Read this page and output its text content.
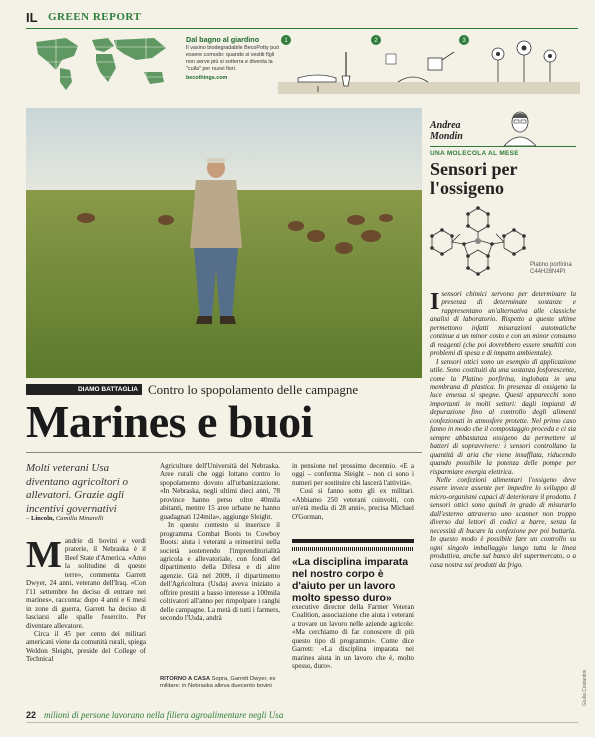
IL GREEN REPORT
Dal bagno al giardino
Il vasino biodegradabile BecoPotty può essere comodo: quando si vestiti figli non serve più si sotterra e diventa la "culla" per nuovi fiori.
becothings.com
1	2	3
Giulia Costantini
Andrea
Mondin
UNA MOLECOLA AL MESE
Sensori per l'ossigeno
Platino porfirina C44H28N4Pt

Isensori chimici servono per determinare la presenza di determinate sostanze e rappresentano un'alternativa alle classiche analisi di laboratorio. Rispetto a queste ultime permettono infatti misurazioni automatiche continue a un minor costo e con un minor consumo di reagenti (che poi dovrebbero essere smaltiti con problemi di spesa e di impatto ambientale).

I sensori ottici sono un esempio di applicazione utile. Sono costituiti da una sostanza fosforescente, come la Platino porfirina, inglobata in una membrana di plastica. In presenza di ossigeno la luce emessa si spegne. Questi apparecchi sono importanti in molti settori: dagli impianti di depurazione fino al controllo degli alimenti confezionati in atmosfere protette. Nel primo caso fanno in modo che il compostaggio proceda e ci sia sempre abbastanza ossigeno da permettere ai batteri di sopravvivere: i sensori controllano la quantità di aria che viene insufflata, riducendo quando possibile la potenza delle pompe per risparmiare energia elettrica.

Nelle confezioni alimentari l'ossigeno deve essere invece assente per impedire lo sviluppo di micro-organismi capaci di deteriorare il prodotto. I sensori ottici sono quindi in grado di misurarlo dall'esterno attraverso uno scanner non troppo diverso dai lettori di codici a barre, senza la necessità di bucare la confezione per poi buttarla. In questo modo è possibile fare un controllo su ogni singolo imballaggio lungo tutta la linea produttiva, anche sul banco del supermercato, o a casa nostra sui prodotti da frigo.

DIAMO BATTAGLIA Contro lo spopolamento delle campagne
Marines e buoi
Molti veterani Usa diventano agricoltori o allevatori. Grazie agli incentivi governativi
– Lincoln, Camilla Minarelli

Mandrie di bovini e verdi praterie, il Nebraska è il Beef State d'America. «Amo la solitudine di queste terre», commenta Garrett Dwyer, 24 anni, veterano dell'Iraq. «Con l'11 settembre ho deciso di entrare nei marines», racconta: dopo 4 anni e 6 mesi in zone di guerra, Garrett ha deciso di lasciarsi alle spalle l'esercito. Per diventare allevatore.

Circa il 45 per cento dei militari americani viene da comunità rurali, spiega Weldon Sleight, preside del College of Technical

Agriculture dell'Università del Nebraska. Aree rurali che oggi lottano contro lo spopolamento dovuto all'urbanizzazione. «In Nebraska, negli ultimi dieci anni, 78 province hanno perso oltre 40mila abitanti, mentre 15 aree urbane ne hanno guadagnati 124mila», aggiunge Sleight.

In questo contesto si inserisce il programma Combat Boots to Cowboy Boots: aiuta i veterani a reinserirsi nella società sostenendo l'imprenditorialità agricola e allevatoriale, con fondi del dipartimento della Difesa e di altre agenzie. Già nel 2009, il dipartimento dell'Agricoltura (Usda) aveva iniziato a offrire prestiti a basso interesse a 100mila coltivatori all'anno per rimpolpare i ranghi delle campagne. La metà di tutti i farmers, secondo l'Usda, andrà

in pensione nel prossimo decennio. «E a oggi – conferma Sleight – non ci sono i numeri per sostituire chi lascerà l'attività».

Così si fanno sotto gli ex militari. «Abbiamo 250 veterani coinvolti, con un'età media di 28 anni», precisa Michael O'Gorman,

«La disciplina imparata nel nostro corpo è d'aiuto per un lavoro molto spesso duro»

executive director della Farmer Veteran Coalition, associazione che aiuta i veterani a trovare un lavoro nelle aziende agricole: «Ma cerchiamo di far conoscere di più questo tipo di programmi». Come dice Garrett: «La disciplina imparata nei marines aiuta in un lavoro che è, molto spesso, duro».

RITORNO A CASA Sopra, Garrett Dwyer, ex militare: in Nebraska alleva duecento bovini
22 milioni di persone lavorano nella filiera agroalimentare negli Usa
